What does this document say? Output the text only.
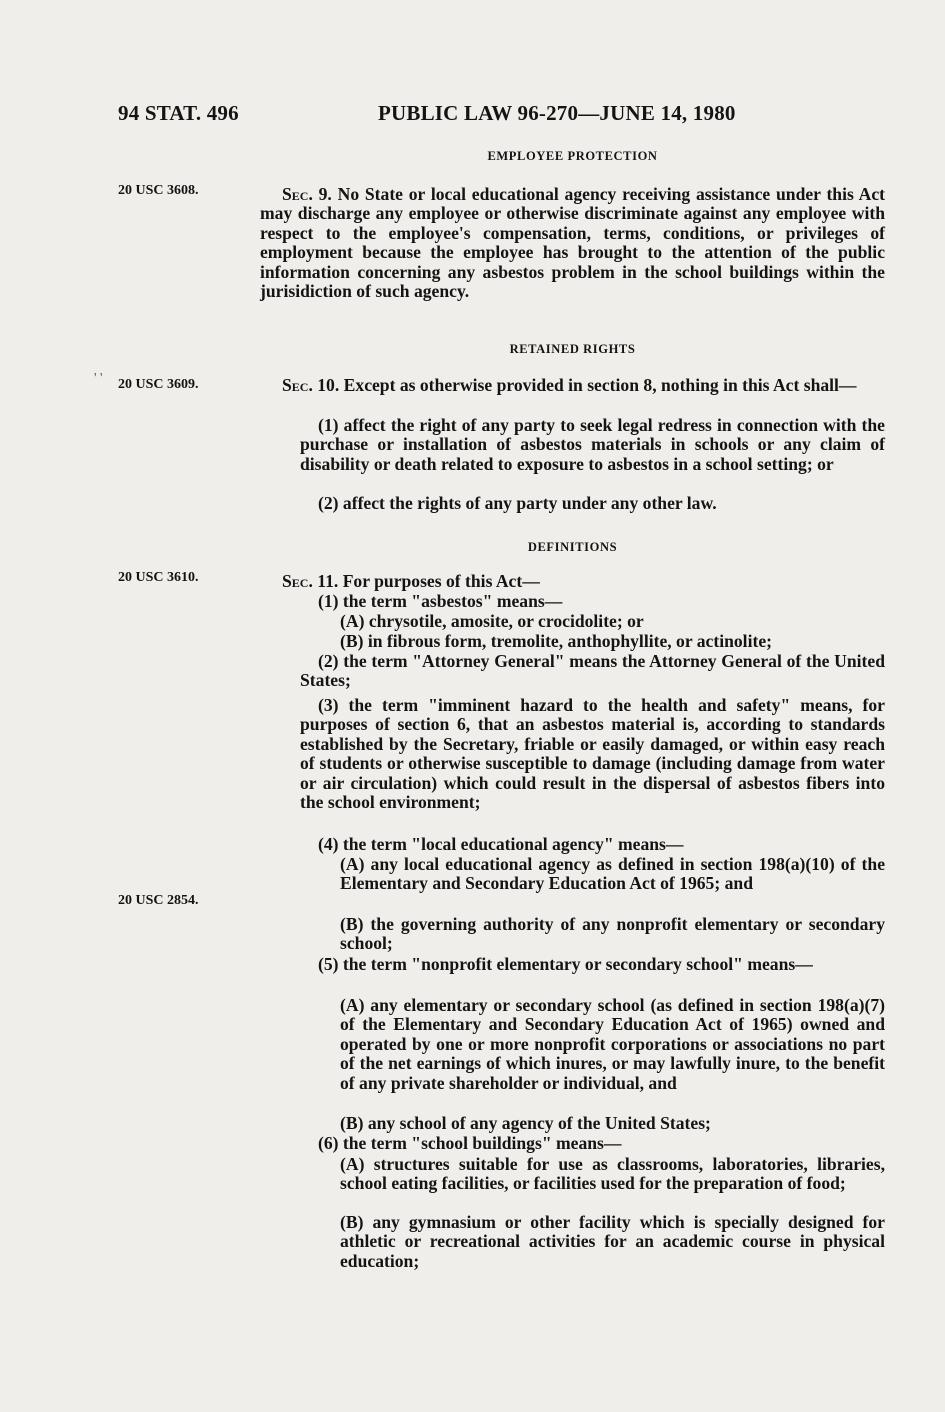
94 STAT. 496	PUBLIC LAW 96-270—JUNE 14, 1980
EMPLOYEE PROTECTION
20 USC 3608.	Sec. 9. No State or local educational agency receiving assistance under this Act may discharge any employee or otherwise discriminate against any employee with respect to the employee's compensation, terms, conditions, or privileges of employment because the employee has brought to the attention of the public information concerning any asbestos problem in the school buildings within the jurisidiction of such agency.

RETAINED RIGHTS
' ' 20 USC 3609.	Sec. 10. Except as otherwise provided in section 8, nothing in this Act shall—

(1) affect the right of any party to seek legal redress in connection with the purchase or installation of asbestos materials in schools or any claim of disability or death related to exposure to asbestos in a school setting; or

(2) affect the rights of any party under any other law.

DEFINITIONS
20 USC 3610.	Sec. 11. For purposes of this Act—

(1) the term "asbestos" means—

(A) chrysotile, amosite, or crocidolite; or

(B) in fibrous form, tremolite, anthophyllite, or actinolite;

(2) the term "Attorney General" means the Attorney General of the United States;

(3) the term "imminent hazard to the health and safety" means, for purposes of section 6, that an asbestos material is, according to standards established by the Secretary, friable or easily damaged, or within easy reach of students or otherwise susceptible to damage (including damage from water or air circulation) which could result in the dispersal of asbestos fibers into the school environment;

(4) the term "local educational agency" means—

(A) any local educational agency as defined in section 198(a)(10) of the Elementary and Secondary Education Act of 1965; and

20 USC 2854.

(B) the governing authority of any nonprofit elementary or secondary school;

(5) the term "nonprofit elementary or secondary school" means—

(A) any elementary or secondary school (as defined in section 198(a)(7) of the Elementary and Secondary Education Act of 1965) owned and operated by one or more nonprofit corporations or associations no part of the net earnings of which inures, or may lawfully inure, to the benefit of any private shareholder or individual, and

(B) any school of any agency of the United States;

(6) the term "school buildings" means—

(A) structures suitable for use as classrooms, laboratories, libraries, school eating facilities, or facilities used for the preparation of food;

(B) any gymnasium or other facility which is specially designed for athletic or recreational activities for an academic course in physical education;
